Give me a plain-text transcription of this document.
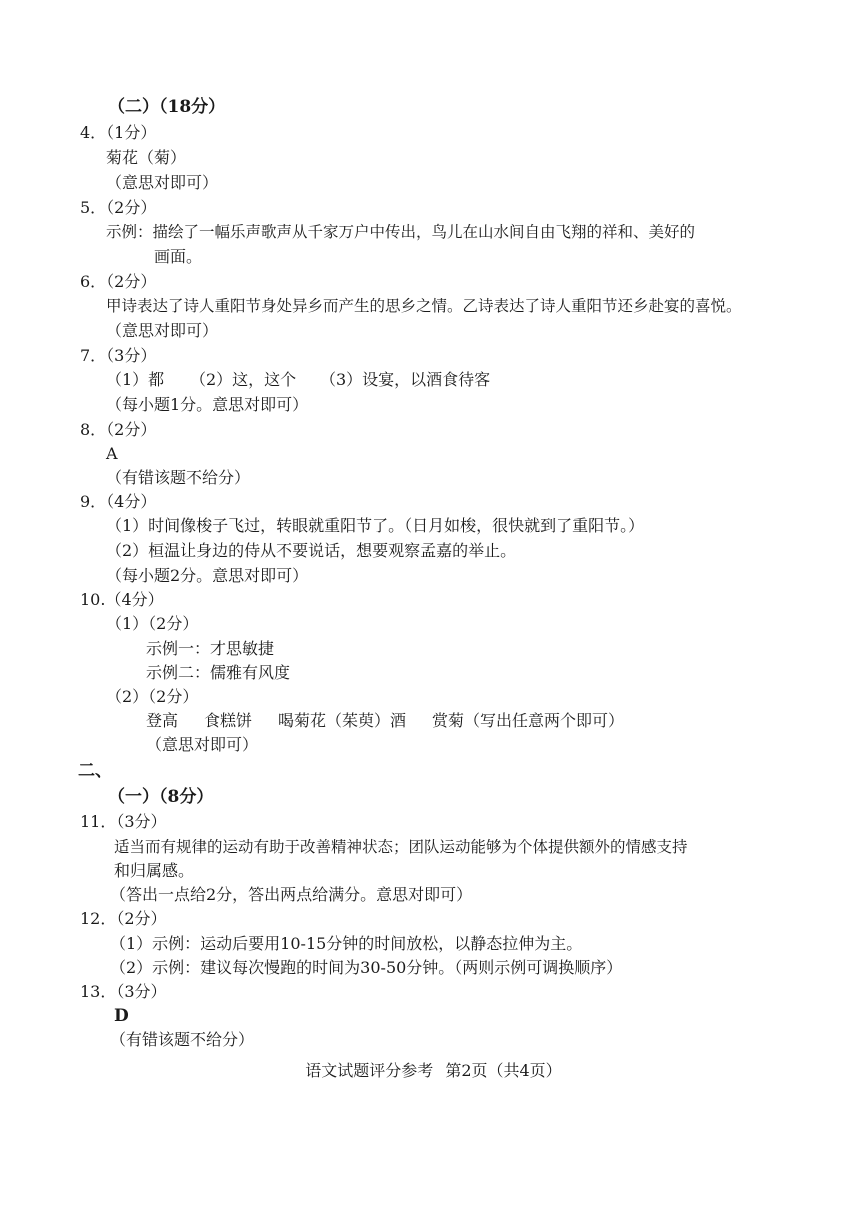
（二）（18分）
4．（1分）
菊花（菊）
（意思对即可）
5．（2分）
示例：描绘了一幅乐声歌声从千家万户中传出，鸟儿在山水间自由飞翔的祥和、美好的
画面。
6．（2分）
甲诗表达了诗人重阳节身处异乡而产生的思乡之情。乙诗表达了诗人重阳节还乡赴宴的喜悦。
（意思对即可）
7．（3分）
（1）都 （2）这，这个 （3）设宴，以酒食待客
（每小题1分。意思对即可）
8．（2分）
A
（有错该题不给分）
9．（4分）
（1）时间像梭子飞过，转眼就重阳节了。（日月如梭，很快就到了重阳节。）
（2）桓温让身边的侍从不要说话，想要观察孟嘉的举止。
（每小题2分。意思对即可）
10.（4分）
（1）（2分）
示例一：才思敏捷
示例二：儒雅有风度
（2）（2分）
登高 食糕饼 喝菊花（茱萸）酒 赏菊（写出任意两个即可）
（意思对即可）
二、
（一）（8分）
11．（3分）
适当而有规律的运动有助于改善精神状态；团队运动能够为个体提供额外的情感支持
和归属感。
（答出一点给2分，答出两点给满分。意思对即可）
12．（2分）
（1）示例：运动后要用10-15分钟的时间放松，以静态拉伸为主。
（2）示例：建议每次慢跑的时间为30-50分钟。（两则示例可调换顺序）
13．（3分）
D
（有错该题不给分）
语文试题评分参考 第2页（共4页）
